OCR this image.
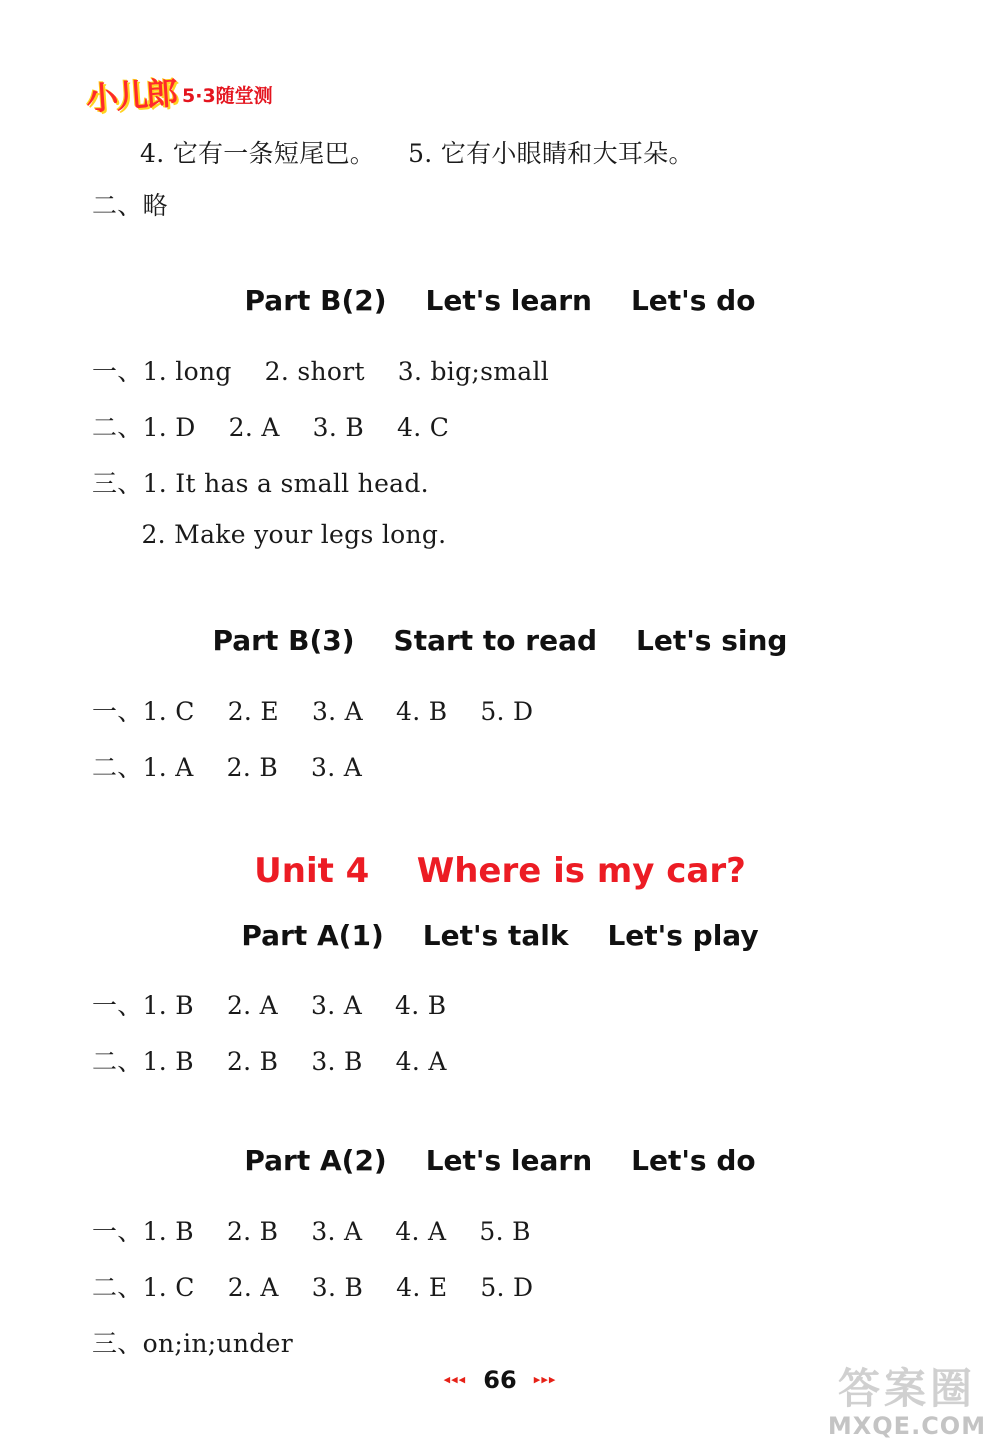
小儿郎 5·3随堂测
4. 它有一条短尾巴。    5. 它有小眼睛和大耳朵。
二、略
Part B(2)    Let's learn    Let's do
一、1. long    2. short    3. big;small
二、1. D    2. A    3. B    4. C
三、1. It has a small head.
2. Make your legs long.
Part B(3)    Start to read    Let's sing
一、1. C    2. E    3. A    4. B    5. D
二、1. A    2. B    3. A
Unit 4    Where is my car?
Part A(1)    Let's talk    Let's play
一、1. B    2. A    3. A    4. B
二、1. B    2. B    3. B    4. A
Part A(2)    Let's learn    Let's do
一、1. B    2. B    3. A    4. A    5. B
二、1. C    2. A    3. B    4. E    5. D
三、on;in;under
◂◂◂ 66 ▸▸▸	答案圈
MXQE.COM
